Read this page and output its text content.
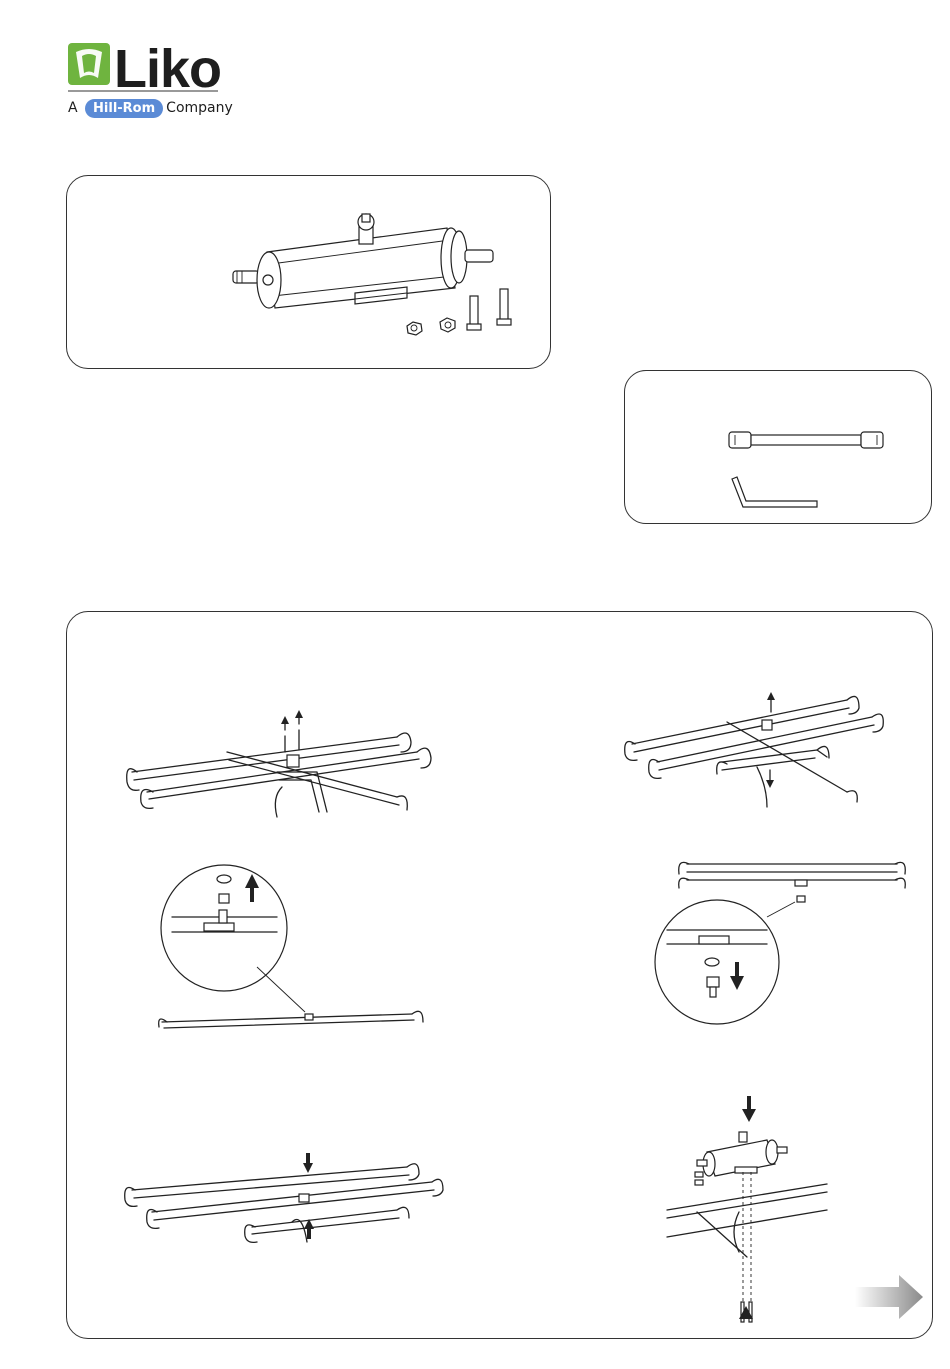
Liko
A Hill-Rom Company
